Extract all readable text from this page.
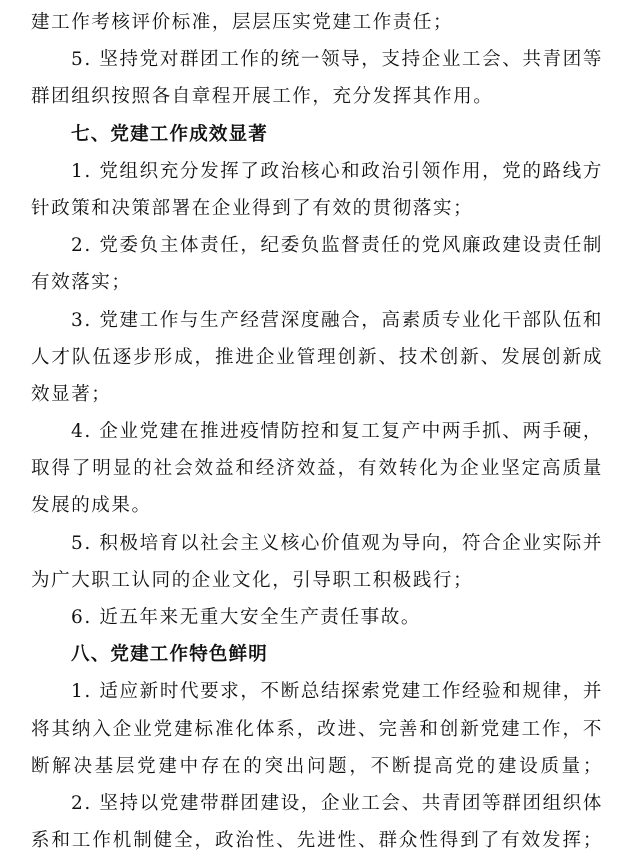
建工作考核评价标准，层层压实党建工作责任；
5. 坚持党对群团工作的统一领导，支持企业工会、共青团等
群团组织按照各自章程开展工作，充分发挥其作用。
七、党建工作成效显著
1. 党组织充分发挥了政治核心和政治引领作用，党的路线方
针政策和决策部署在企业得到了有效的贯彻落实；
2. 党委负主体责任，纪委负监督责任的党风廉政建设责任制
有效落实；
3. 党建工作与生产经营深度融合，高素质专业化干部队伍和
人才队伍逐步形成，推进企业管理创新、技术创新、发展创新成
效显著；
4. 企业党建在推进疫情防控和复工复产中两手抓、两手硬，
取得了明显的社会效益和经济效益，有效转化为企业坚定高质量
发展的成果。
5. 积极培育以社会主义核心价值观为导向，符合企业实际并
为广大职工认同的企业文化，引导职工积极践行；
6. 近五年来无重大安全生产责任事故。
八、党建工作特色鲜明
1. 适应新时代要求，不断总结探索党建工作经验和规律，并
将其纳入企业党建标准化体系，改进、完善和创新党建工作，不
断解决基层党建中存在的突出问题，不断提高党的建设质量；
2. 坚持以党建带群团建设，企业工会、共青团等群团组织体
系和工作机制健全，政治性、先进性、群众性得到了有效发挥；
